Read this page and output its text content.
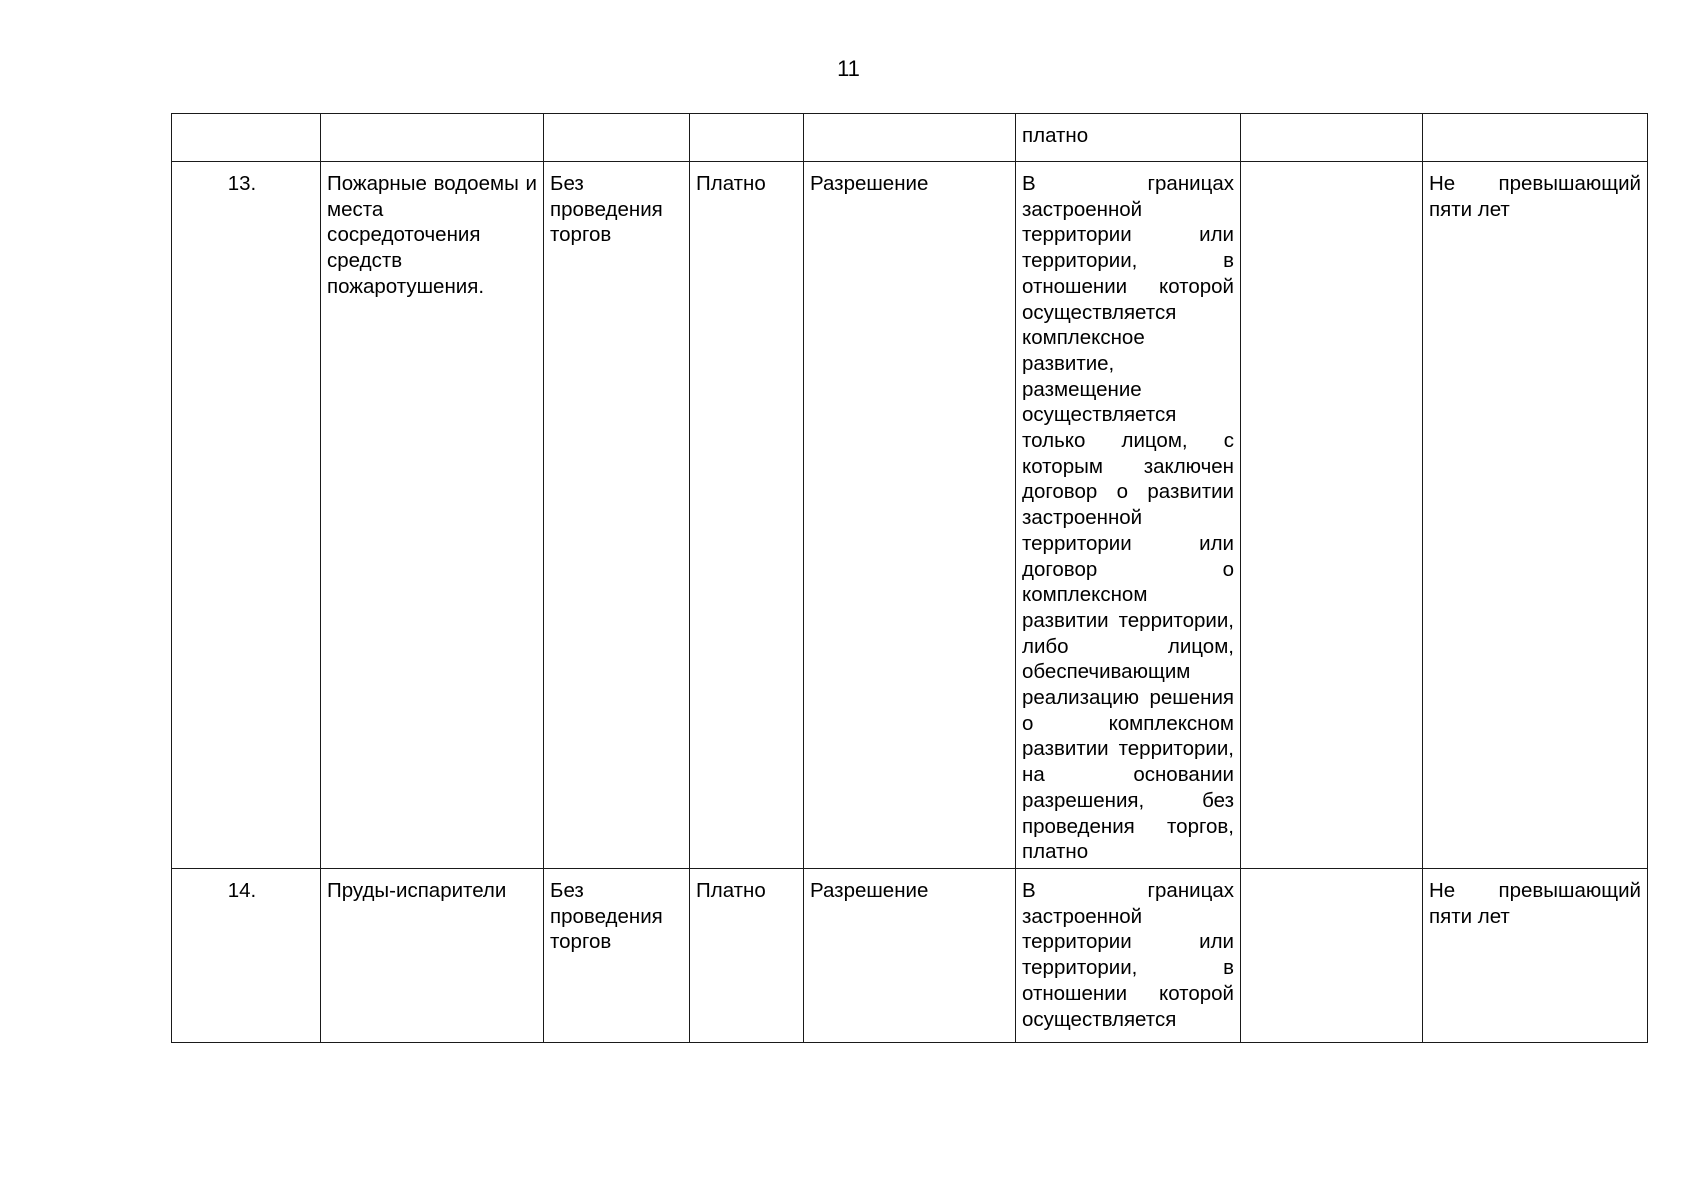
11

					платно		

13.	Пожарные водоемы и места сосредоточения средств пожаротушения.	Без проведения торгов	Платно	Разрешение	В границах застроенной территории или территории, в отношении которой осуществляется комплексное развитие, размещение осуществляется только лицом, с которым заключен договор о развитии застроенной территории или договор о комплексном развитии территории, либо лицом, обеспечивающим реализацию решения о комплексном развитии территории, на основании разрешения, без проведения торгов, платно		Не превышающий пяти лет

14.	Пруды-испарители	Без проведения торгов	Платно	Разрешение	В границах застроенной территории или территории, в отношении которой осуществляется		Не превышающий пяти лет
